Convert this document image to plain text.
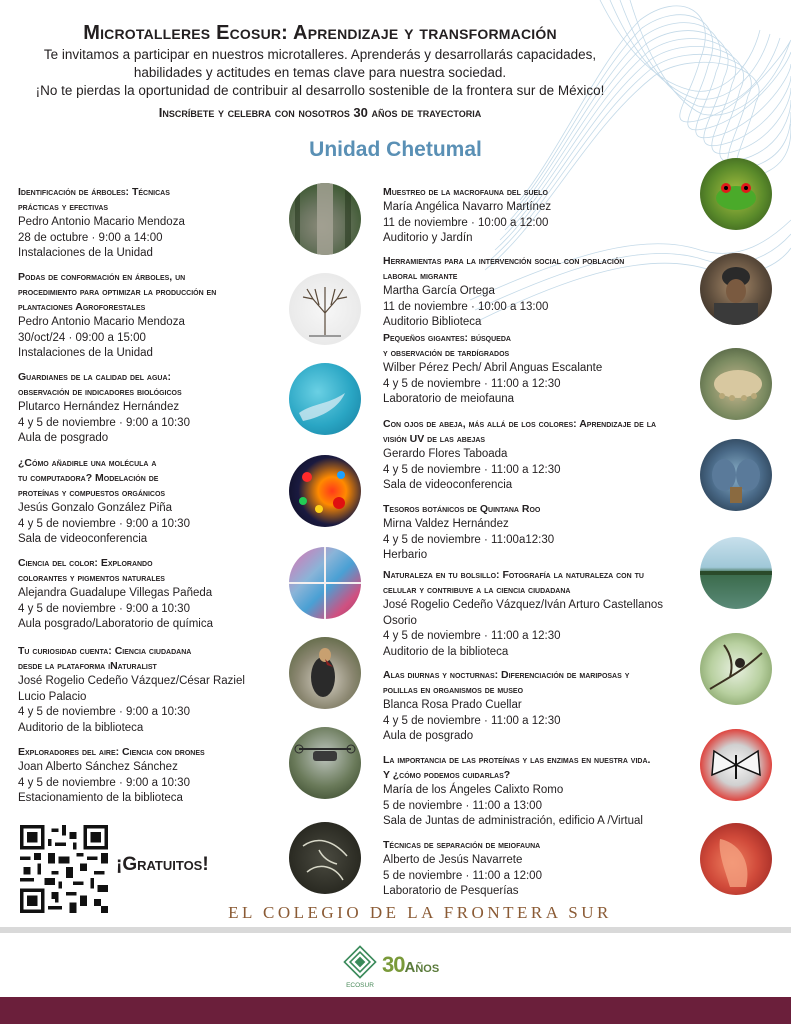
Microtalleres Ecosur: Aprendizaje y transformación
Te invitamos a participar en nuestros microtalleres. Aprenderás y desarrollarás capacidades,
habilidades y actitudes en temas clave para nuestra sociedad.
¡No te pierdas la oportunidad de contribuir al desarrollo sostenible de la frontera sur de México!
Inscríbete y celebra con nosotros 30 años de trayectoria
Unidad Chetumal
Identificación de árboles: Técnicas
prácticas y efectivas
Pedro Antonio Macario Mendoza
28 de octubre · 9:00 a 14:00
Instalaciones de la Unidad
Podas de conformación en árboles, un
procedimiento para optimizar la producción en
plantaciones Agroforestales
Pedro Antonio Macario Mendoza
30/oct/24 · 09:00 a 15:00
Instalaciones de la Unidad
Guardianes de la calidad del agua:
observación de indicadores biológicos
Plutarco Hernández Hernández
4 y 5 de noviembre · 9:00 a 10:30
Aula de posgrado
¿Cómo añadirle una molécula a
tu computadora? Modelación de
proteínas y compuestos orgánicos
Jesús Gonzalo González Piña
4 y 5 de noviembre · 9:00 a 10:30
Sala de videoconferencia
Ciencia del color: Explorando
colorantes y pigmentos naturales
Alejandra Guadalupe Villegas Pañeda
4 y 5 de noviembre · 9:00 a 10:30
Aula posgrado/Laboratorio de química
Tu curiosidad cuenta: Ciencia ciudadana
desde la plataforma iNaturalist
José Rogelio Cedeño Vázquez/César Raziel
Lucio Palacio
4 y 5 de noviembre · 9:00 a 10:30
Auditorio de la biblioteca
Exploradores del aire: Ciencia con drones
Joan Alberto Sánchez Sánchez
4 y 5 de noviembre · 9:00 a 10:30
Estacionamiento de la biblioteca
Muestreo de la macrofauna del suelo
María Angélica Navarro Martínez
11 de noviembre · 10:00 a 12:00
Auditorio y Jardín
Herramientas para la intervención social con población
laboral migrante
Martha García Ortega
11 de noviembre · 10:00 a 13:00
Auditorio Biblioteca
Pequeños gigantes: búsqueda
y observación de tardígrados
Wilber Pérez Pech/ Abril Anguas Escalante
4 y 5 de noviembre · 11:00 a 12:30
Laboratorio de meiofauna
Con ojos de abeja, más allá de los colores: Aprendizaje de la
visión UV de las abejas
Gerardo Flores Taboada
4 y 5 de noviembre · 11:00 a 12:30
Sala de videoconferencia
Tesoros botánicos de Quintana Roo
Mirna Valdez Hernández
4 y 5 de noviembre · 11:00a12:30
Herbario
Naturaleza en tu bolsillo: Fotografía la naturaleza con tu
celular y contribuye a la ciencia ciudadana
José Rogelio Cedeño Vázquez/Iván Arturo Castellanos
Osorio
4 y 5 de noviembre · 11:00 a 12:30
Auditorio de la biblioteca
Alas diurnas y nocturnas: Diferenciación de mariposas y
polillas en organismos de museo
Blanca Rosa Prado Cuellar
4 y 5 de noviembre · 11:00 a 12:30
Aula de posgrado
La importancia de las proteínas y las enzimas en nuestra vida.
Y ¿cómo podemos cuidarlas?
María de los Ángeles Calixto Romo
5 de noviembre · 11:00 a 13:00
Sala de Juntas de administración, edificio A /Virtual
Técnicas de separación de meiofauna
Alberto de Jesús Navarrete
5 de noviembre · 11:00 a 12:00
Laboratorio de Pesquerías
¡Gratuitos!
EL COLEGIO DE LA FRONTERA SUR
ECOSUR
30Años
